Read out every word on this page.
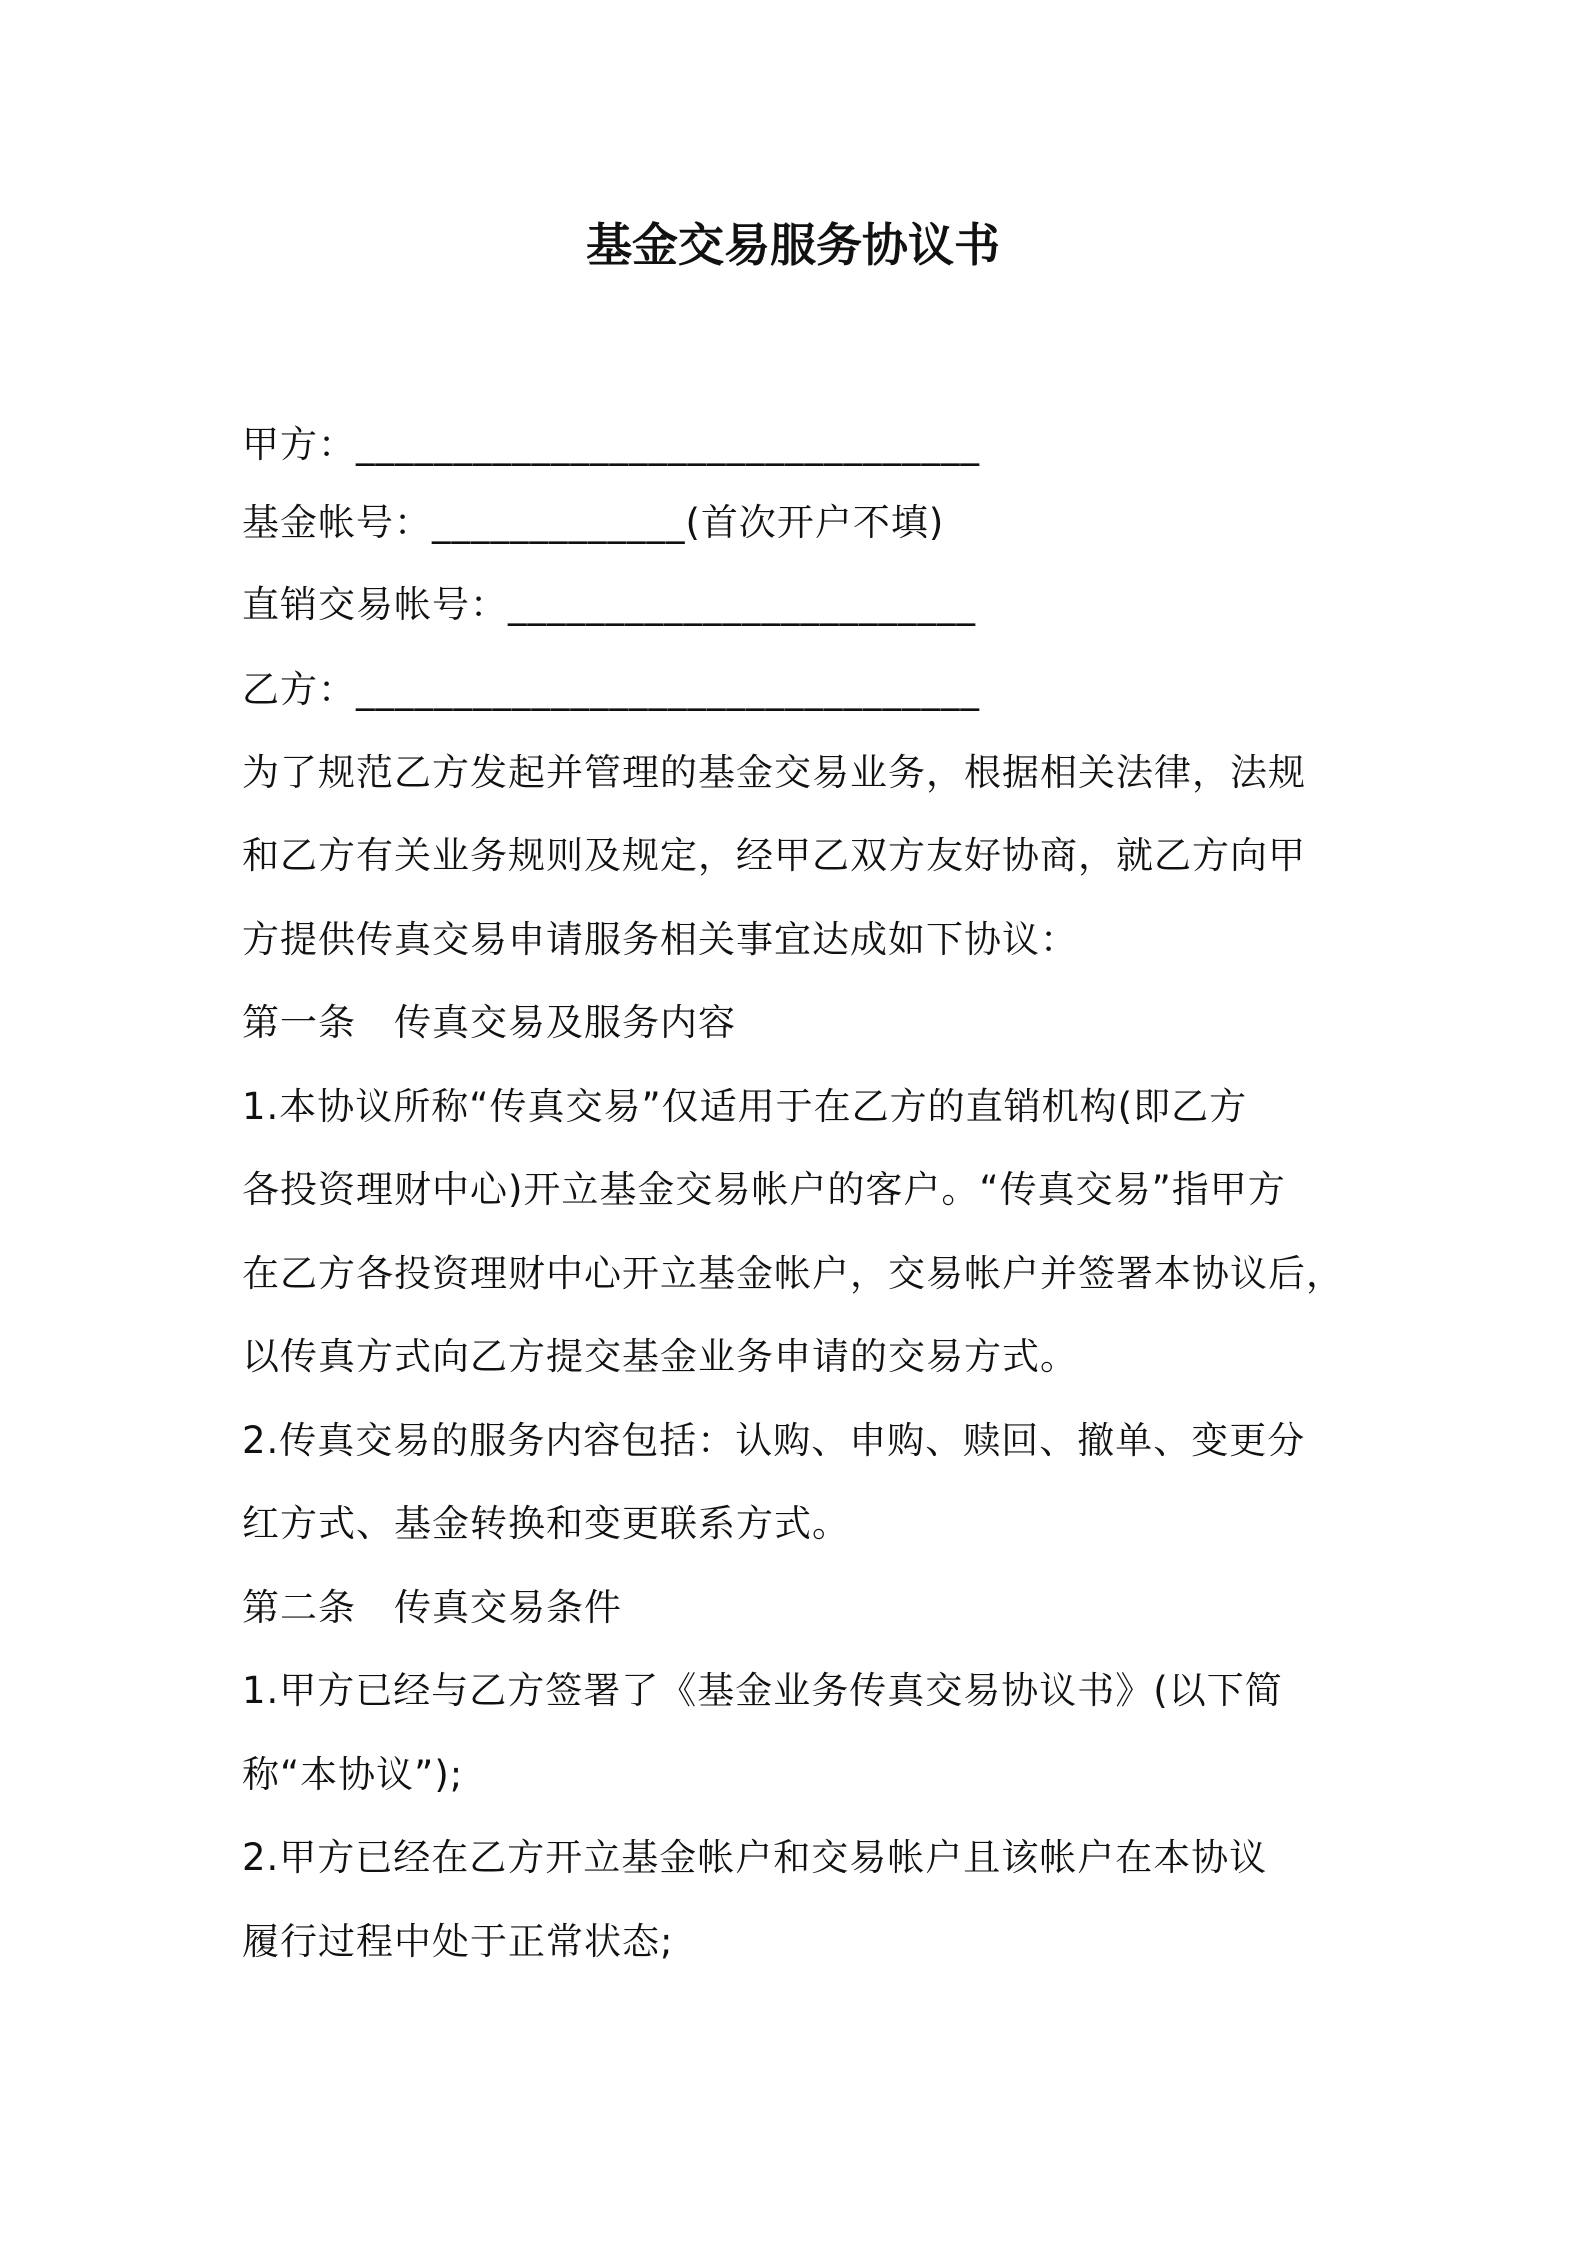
基金交易服务协议书
甲方：________________________________
基金帐号：_____________(首次开户不填)
直销交易帐号：________________________
乙方：________________________________
为了规范乙方发起并管理的基金交易业务，根据相关法律，法规
和乙方有关业务规则及规定，经甲乙双方友好协商，就乙方向甲
方提供传真交易申请服务相关事宜达成如下协议：
第一条　传真交易及服务内容
1.本协议所称“传真交易”仅适用于在乙方的直销机构(即乙方
各投资理财中心)开立基金交易帐户的客户。“传真交易”指甲方
在乙方各投资理财中心开立基金帐户，交易帐户并签署本协议后，
以传真方式向乙方提交基金业务申请的交易方式。
2.传真交易的服务内容包括：认购、申购、赎回、撤单、变更分
红方式、基金转换和变更联系方式。
第二条　传真交易条件
1.甲方已经与乙方签署了《基金业务传真交易协议书》(以下简
称“本协议”);
2.甲方已经在乙方开立基金帐户和交易帐户且该帐户在本协议
履行过程中处于正常状态;
